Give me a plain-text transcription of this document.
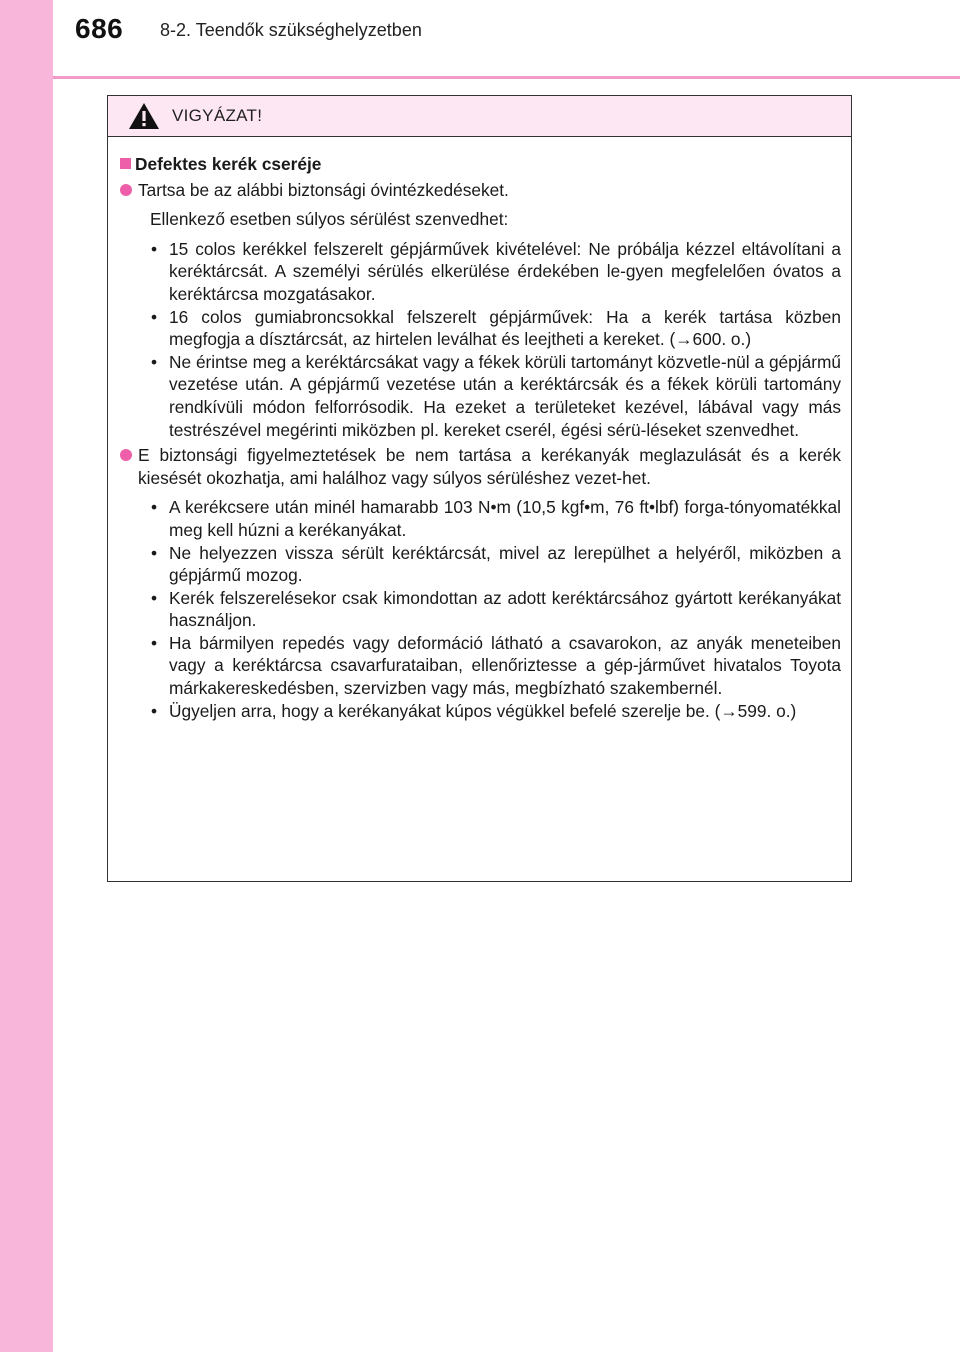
686 8-2. Teendők szükséghelyzetben
VIGYÁZAT!
Defektes kerék cseréje
Tartsa be az alábbi biztonsági óvintézkedéseket.
Ellenkező esetben súlyos sérülést szenvedhet:
• 15 colos kerékkel felszerelt gépjárművek kivételével: Ne próbálja kézzel eltávolítani a keréktárcsát. A személyi sérülés elkerülése érdekében le-gyen megfelelően óvatos a keréktárcsa mozgatásakor.
• 16 colos gumiabroncsokkal felszerelt gépjárművek: Ha a kerék tartása közben megfogja a dísztárcsát, az hirtelen leválhat és leejtheti a kereket. (→600. o.)
• Ne érintse meg a keréktárcsákat vagy a fékek körüli tartományt közvetle-nül a gépjármű vezetése után. A gépjármű vezetése után a keréktárcsák és a fékek körüli tartomány rendkívüli módon felforrósodik. Ha ezeket a területeket kezével, lábával vagy más testrészével megérinti miközben pl. kereket cserél, égési sérü-léseket szenvedhet.
E biztonsági figyelmeztetések be nem tartása a kerékanyák meglazulását és a kerék kiesését okozhatja, ami halálhoz vagy súlyos sérüléshez vezet-het.
• A kerékcsere után minél hamarabb 103 N•m (10,5 kgf•m, 76 ft•lbf) forga-tónyomatékkal meg kell húzni a kerékanyákat.
• Ne helyezzen vissza sérült keréktárcsát, mivel az lerepülhet a helyéről, miközben a gépjármű mozog.
• Kerék felszerelésekor csak kimondottan az adott keréktárcsához gyártott kerékanyákat használjon.
• Ha bármilyen repedés vagy deformáció látható a csavarokon, az anyák meneteiben vagy a keréktárcsa csavarfurataiban, ellenőriztesse a gép-járművet hivatalos Toyota márkakereskedésben, szervizben vagy más, megbízható szakembernél.
• Ügyeljen arra, hogy a kerékanyákat kúpos végükkel befelé szerelje be. (→599. o.)
